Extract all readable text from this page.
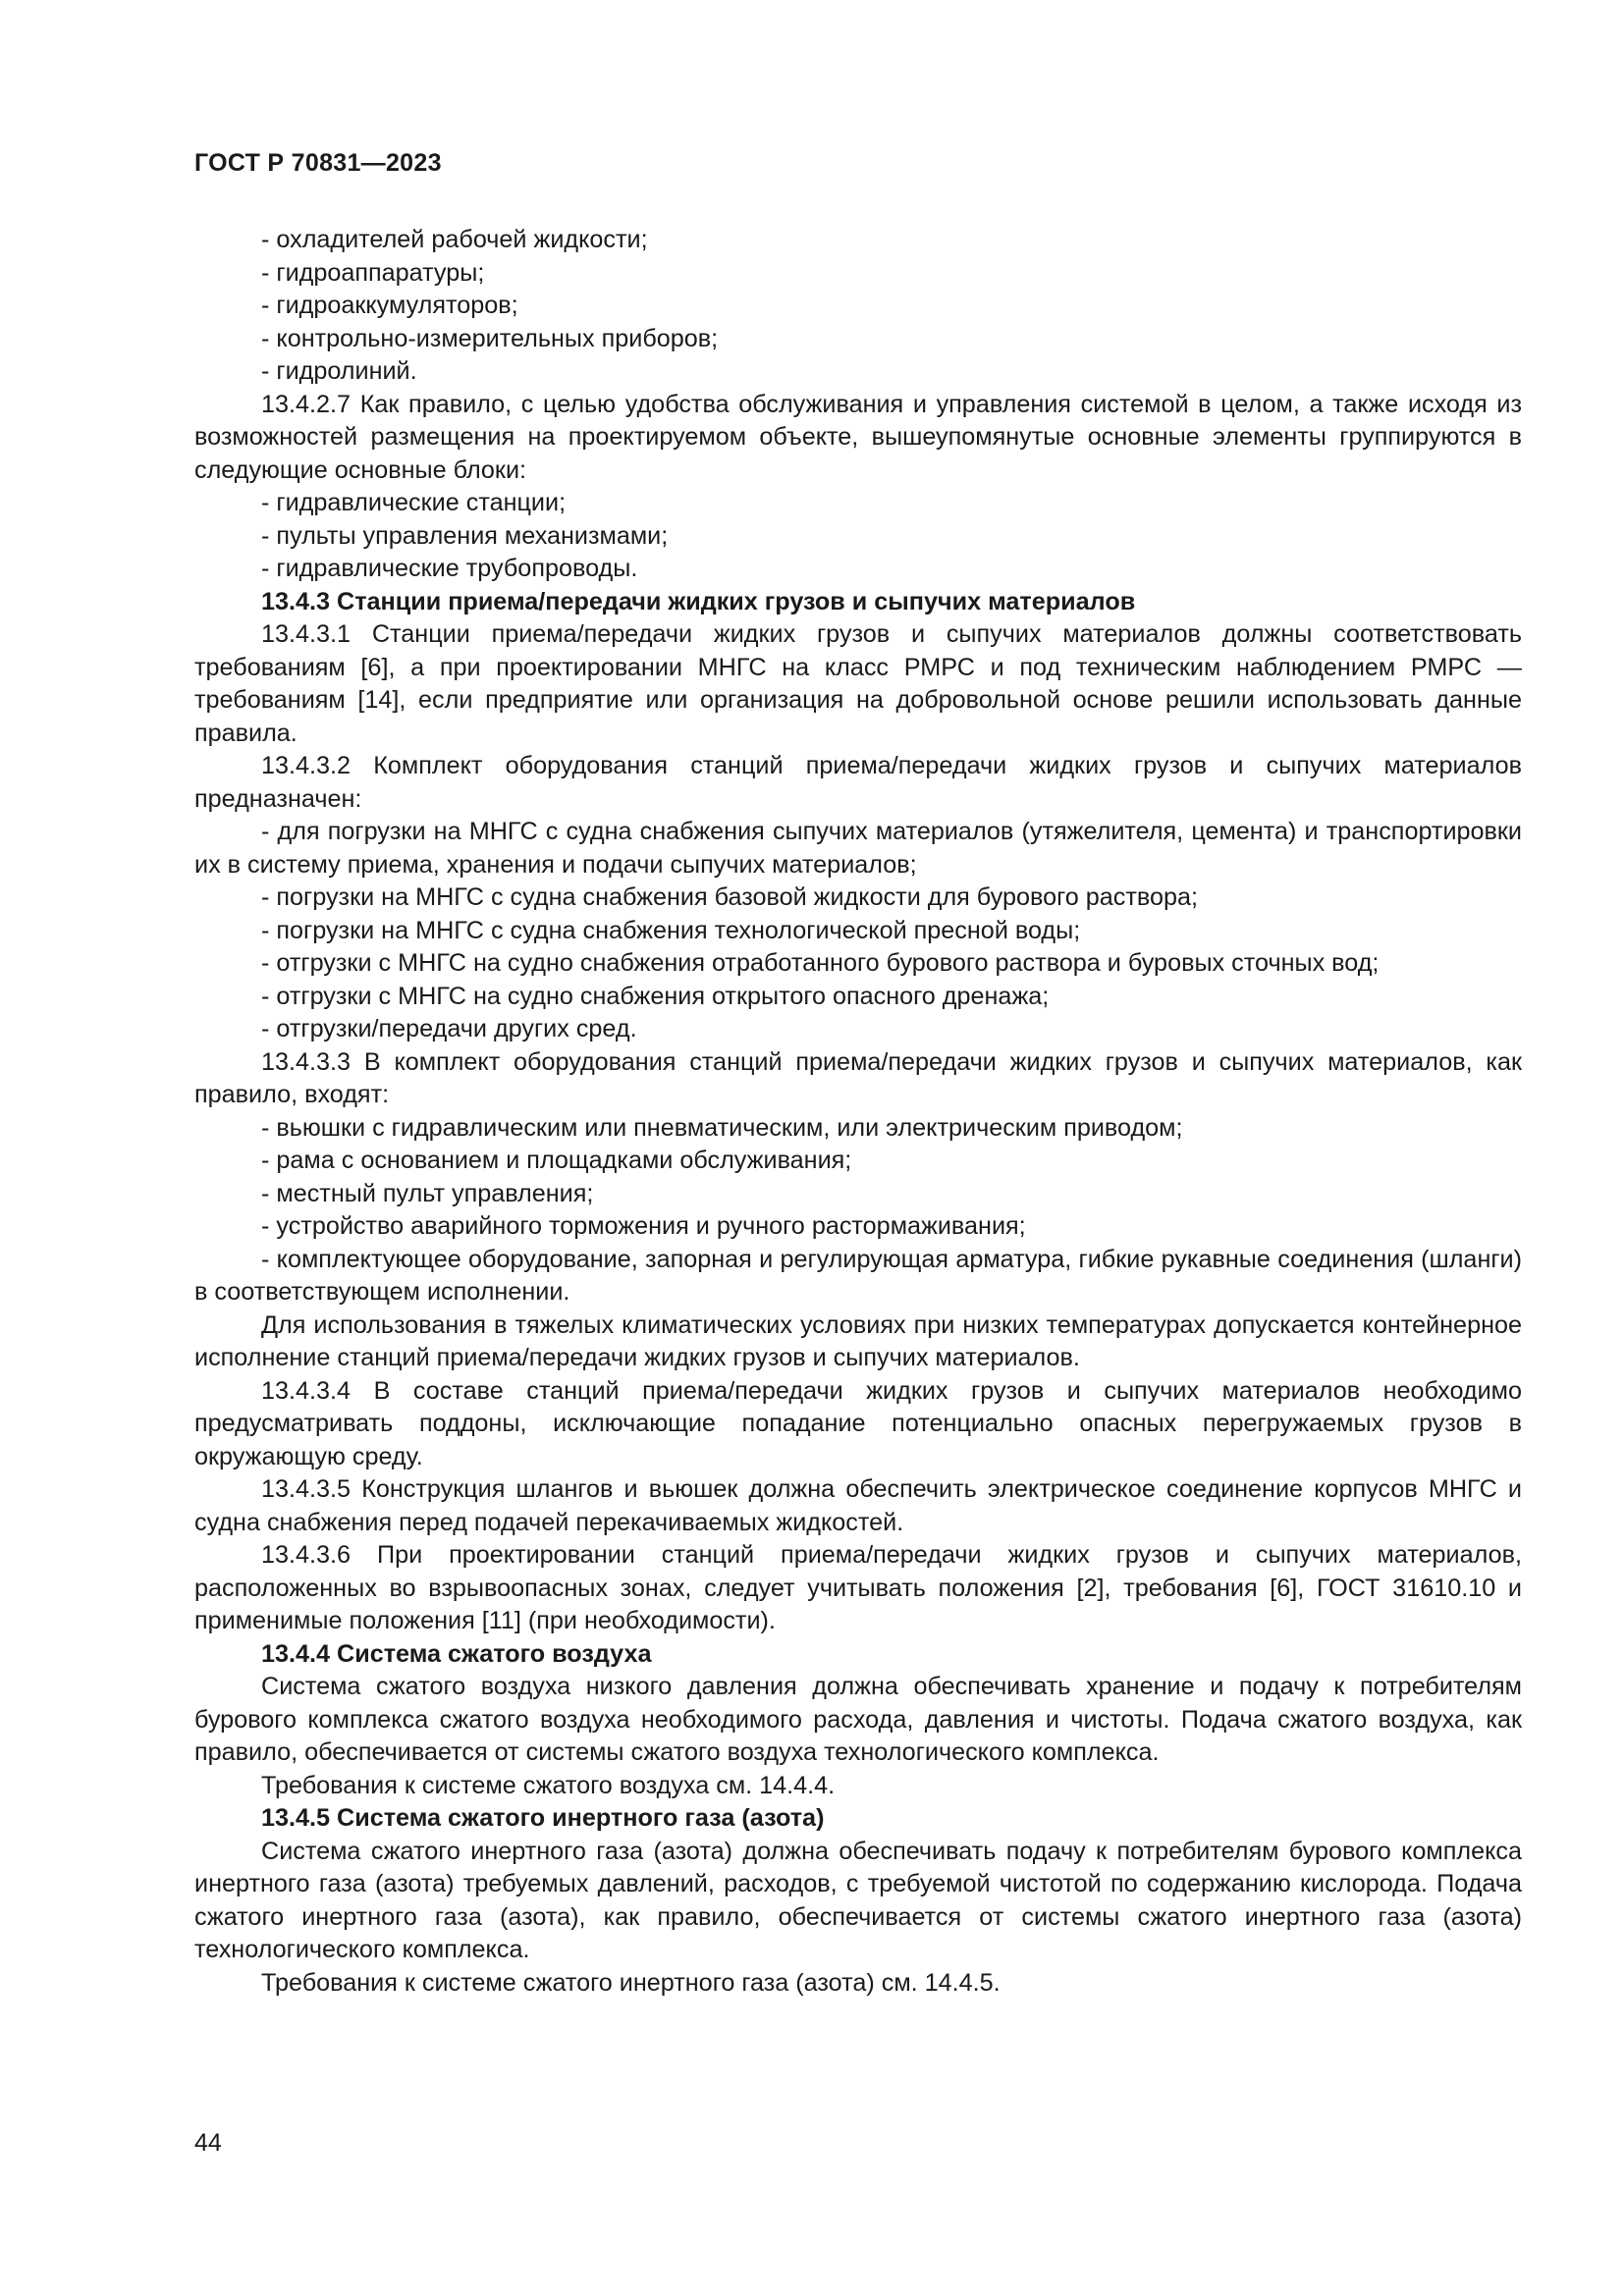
ГОСТ Р 70831—2023

- охладителей рабочей жидкости;

- гидроаппаратуры;

- гидроаккумуляторов;

- контрольно-измерительных приборов;

- гидролиний.

13.4.2.7 Как правило, с целью удобства обслуживания и управления системой в целом, а также исходя из возможностей размещения на проектируемом объекте, вышеупомянутые основные элементы группируются в следующие основные блоки:

- гидравлические станции;

- пульты управления механизмами;

- гидравлические трубопроводы.

13.4.3 Станции приема/передачи жидких грузов и сыпучих материалов

13.4.3.1 Станции приема/передачи жидких грузов и сыпучих материалов должны соответствовать требованиям [6], а при проектировании МНГС на класс РМРС и под техническим наблюдением РМРС — требованиям [14], если предприятие или организация на добровольной основе решили использовать данные правила.

13.4.3.2 Комплект оборудования станций приема/передачи жидких грузов и сыпучих материалов предназначен:

- для погрузки на МНГС с судна снабжения сыпучих материалов (утяжелителя, цемента) и транспортировки их в систему приема, хранения и подачи сыпучих материалов;

- погрузки на МНГС с судна снабжения базовой жидкости для бурового раствора;

- погрузки на МНГС с судна снабжения технологической пресной воды;

- отгрузки с МНГС на судно снабжения отработанного бурового раствора и буровых сточных вод;

- отгрузки с МНГС на судно снабжения открытого опасного дренажа;

- отгрузки/передачи других сред.

13.4.3.3 В комплект оборудования станций приема/передачи жидких грузов и сыпучих материалов, как правило, входят:

- вьюшки с гидравлическим или пневматическим, или электрическим приводом;

- рама с основанием и площадками обслуживания;

- местный пульт управления;

- устройство аварийного торможения и ручного растормаживания;

- комплектующее оборудование, запорная и регулирующая арматура, гибкие рукавные соединения (шланги) в соответствующем исполнении.

Для использования в тяжелых климатических условиях при низких температурах допускается контейнерное исполнение станций приема/передачи жидких грузов и сыпучих материалов.

13.4.3.4 В составе станций приема/передачи жидких грузов и сыпучих материалов необходимо предусматривать поддоны, исключающие попадание потенциально опасных перегружаемых грузов в окружающую среду.

13.4.3.5 Конструкция шлангов и вьюшек должна обеспечить электрическое соединение корпусов МНГС и судна снабжения перед подачей перекачиваемых жидкостей.

13.4.3.6 При проектировании станций приема/передачи жидких грузов и сыпучих материалов, расположенных во взрывоопасных зонах, следует учитывать положения [2], требования [6], ГОСТ 31610.10 и применимые положения [11] (при необходимости).

13.4.4 Система сжатого воздуха

Система сжатого воздуха низкого давления должна обеспечивать хранение и подачу к потребителям бурового комплекса сжатого воздуха необходимого расхода, давления и чистоты. Подача сжатого воздуха, как правило, обеспечивается от системы сжатого воздуха технологического комплекса.

Требования к системе сжатого воздуха см. 14.4.4.

13.4.5 Система сжатого инертного газа (азота)

Система сжатого инертного газа (азота) должна обеспечивать подачу к потребителям бурового комплекса инертного газа (азота) требуемых давлений, расходов, с требуемой чистотой по содержанию кислорода. Подача сжатого инертного газа (азота), как правило, обеспечивается от системы сжатого инертного газа (азота) технологического комплекса.

Требования к системе сжатого инертного газа (азота) см. 14.4.5.

44
